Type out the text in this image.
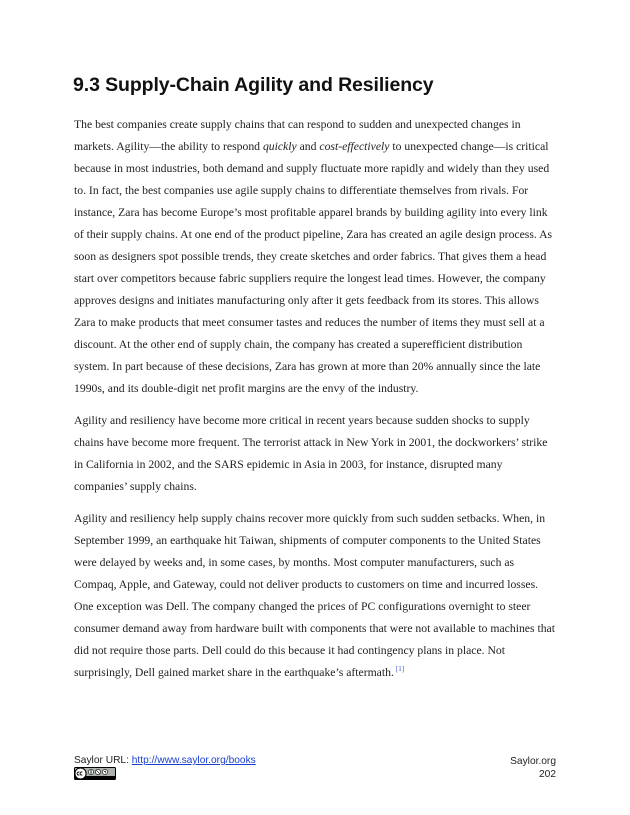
9.3 Supply-Chain Agility and Resiliency

The best companies create supply chains that can respond to sudden and unexpected changes in markets. Agility—the ability to respond quickly and cost-effectively to unexpected change—is critical because in most industries, both demand and supply fluctuate more rapidly and widely than they used to. In fact, the best companies use agile supply chains to differentiate themselves from rivals. For instance, Zara has become Europe’s most profitable apparel brands by building agility into every link of their supply chains. At one end of the product pipeline, Zara has created an agile design process. As soon as designers spot possible trends, they create sketches and order fabrics. That gives them a head start over competitors because fabric suppliers require the longest lead times. However, the company approves designs and initiates manufacturing only after it gets feedback from its stores. This allows Zara to make products that meet consumer tastes and reduces the number of items they must sell at a discount. At the other end of supply chain, the company has created a superefficient distribution system. In part because of these decisions, Zara has grown at more than 20% annually since the late 1990s, and its double-digit net profit margins are the envy of the industry.

Agility and resiliency have become more critical in recent years because sudden shocks to supply chains have become more frequent. The terrorist attack in New York in 2001, the dockworkers’ strike in California in 2002, and the SARS epidemic in Asia in 2003, for instance, disrupted many companies’ supply chains.

Agility and resiliency help supply chains recover more quickly from such sudden setbacks. When, in September 1999, an earthquake hit Taiwan, shipments of computer components to the United States were delayed by weeks and, in some cases, by months. Most computer manufacturers, such as Compaq, Apple, and Gateway, could not deliver products to customers on time and incurred losses. One exception was Dell. The company changed the prices of PC configurations overnight to steer consumer demand away from hardware built with components that were not available to machines that did not require those parts. Dell could do this because it had contingency plans in place. Not surprisingly, Dell gained market share in the earthquake’s aftermath. [1]

Saylor URL: http://www.saylor.org/books	Saylor.org
202
